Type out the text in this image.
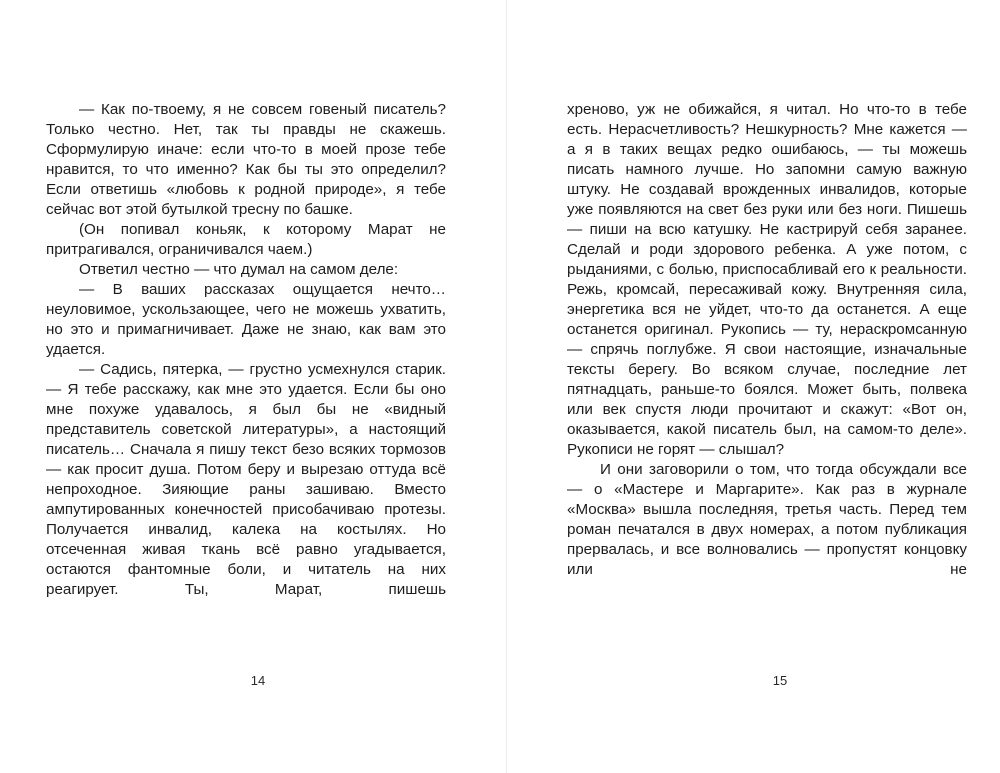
— Как по-твоему, я не совсем говеный писатель? Только честно. Нет, так ты правды не скажешь. Сформулирую иначе: если что-то в моей прозе тебе нравится, то что именно? Как бы ты это определил? Если ответишь «любовь к родной природе», я тебе сейчас вот этой бутылкой тресну по башке.

(Он попивал коньяк, к которому Марат не притрагивался, ограничивался чаем.)

Ответил честно — что думал на самом деле:

— В ваших рассказах ощущается нечто… неуловимое, ускользающее, чего не можешь ухватить, но это и примагничивает. Даже не знаю, как вам это удается.

— Садись, пятерка, — грустно усмехнулся старик. — Я тебе расскажу, как мне это удается. Если бы оно мне похуже удавалось, я был бы не «видный представитель советской литературы», а настоящий писатель… Сначала я пишу текст безо всяких тормозов — как просит душа. Потом беру и вырезаю оттуда всё непроходное. Зияющие раны зашиваю. Вместо ампутированных конечностей присобачиваю протезы. Получается инвалид, калека на костылях. Но отсеченная живая ткань всё равно угадывается, остаются фантомные боли, и читатель на них реагирует. Ты, Марат, пишешь

14

хреново, уж не обижайся, я читал. Но что-то в тебе есть. Нерасчетливость? Нешкурность? Мне кажется — а я в таких вещах редко ошибаюсь, — ты можешь писать намного лучше. Но запомни самую важную штуку. Не создавай врожденных инвалидов, которые уже появляются на свет без руки или без ноги. Пишешь — пиши на всю катушку. Не кастрируй себя заранее. Сделай и роди здорового ребенка. А уже потом, с рыданиями, с болью, приспосабливай его к реальности. Режь, кромсай, пересаживай кожу. Внутренняя сила, энергетика вся не уйдет, что-то да останется. А еще останется оригинал. Рукопись — ту, нераскромсанную — спрячь поглубже. Я свои настоящие, изначальные тексты берегу. Во всяком случае, последние лет пятнадцать, раньше-то боялся. Может быть, полвека или век спустя люди прочитают и скажут: «Вот он, оказывается, какой писатель был, на самом-то деле». Рукописи не горят — слышал?

И они заговорили о том, что тогда обсуждали все — о «Мастере и Маргарите». Как раз в журнале «Москва» вышла последняя, третья часть. Перед тем роман печатался в двух номерах, а потом публикация прервалась, и все волновались — пропустят концовку или не

15
